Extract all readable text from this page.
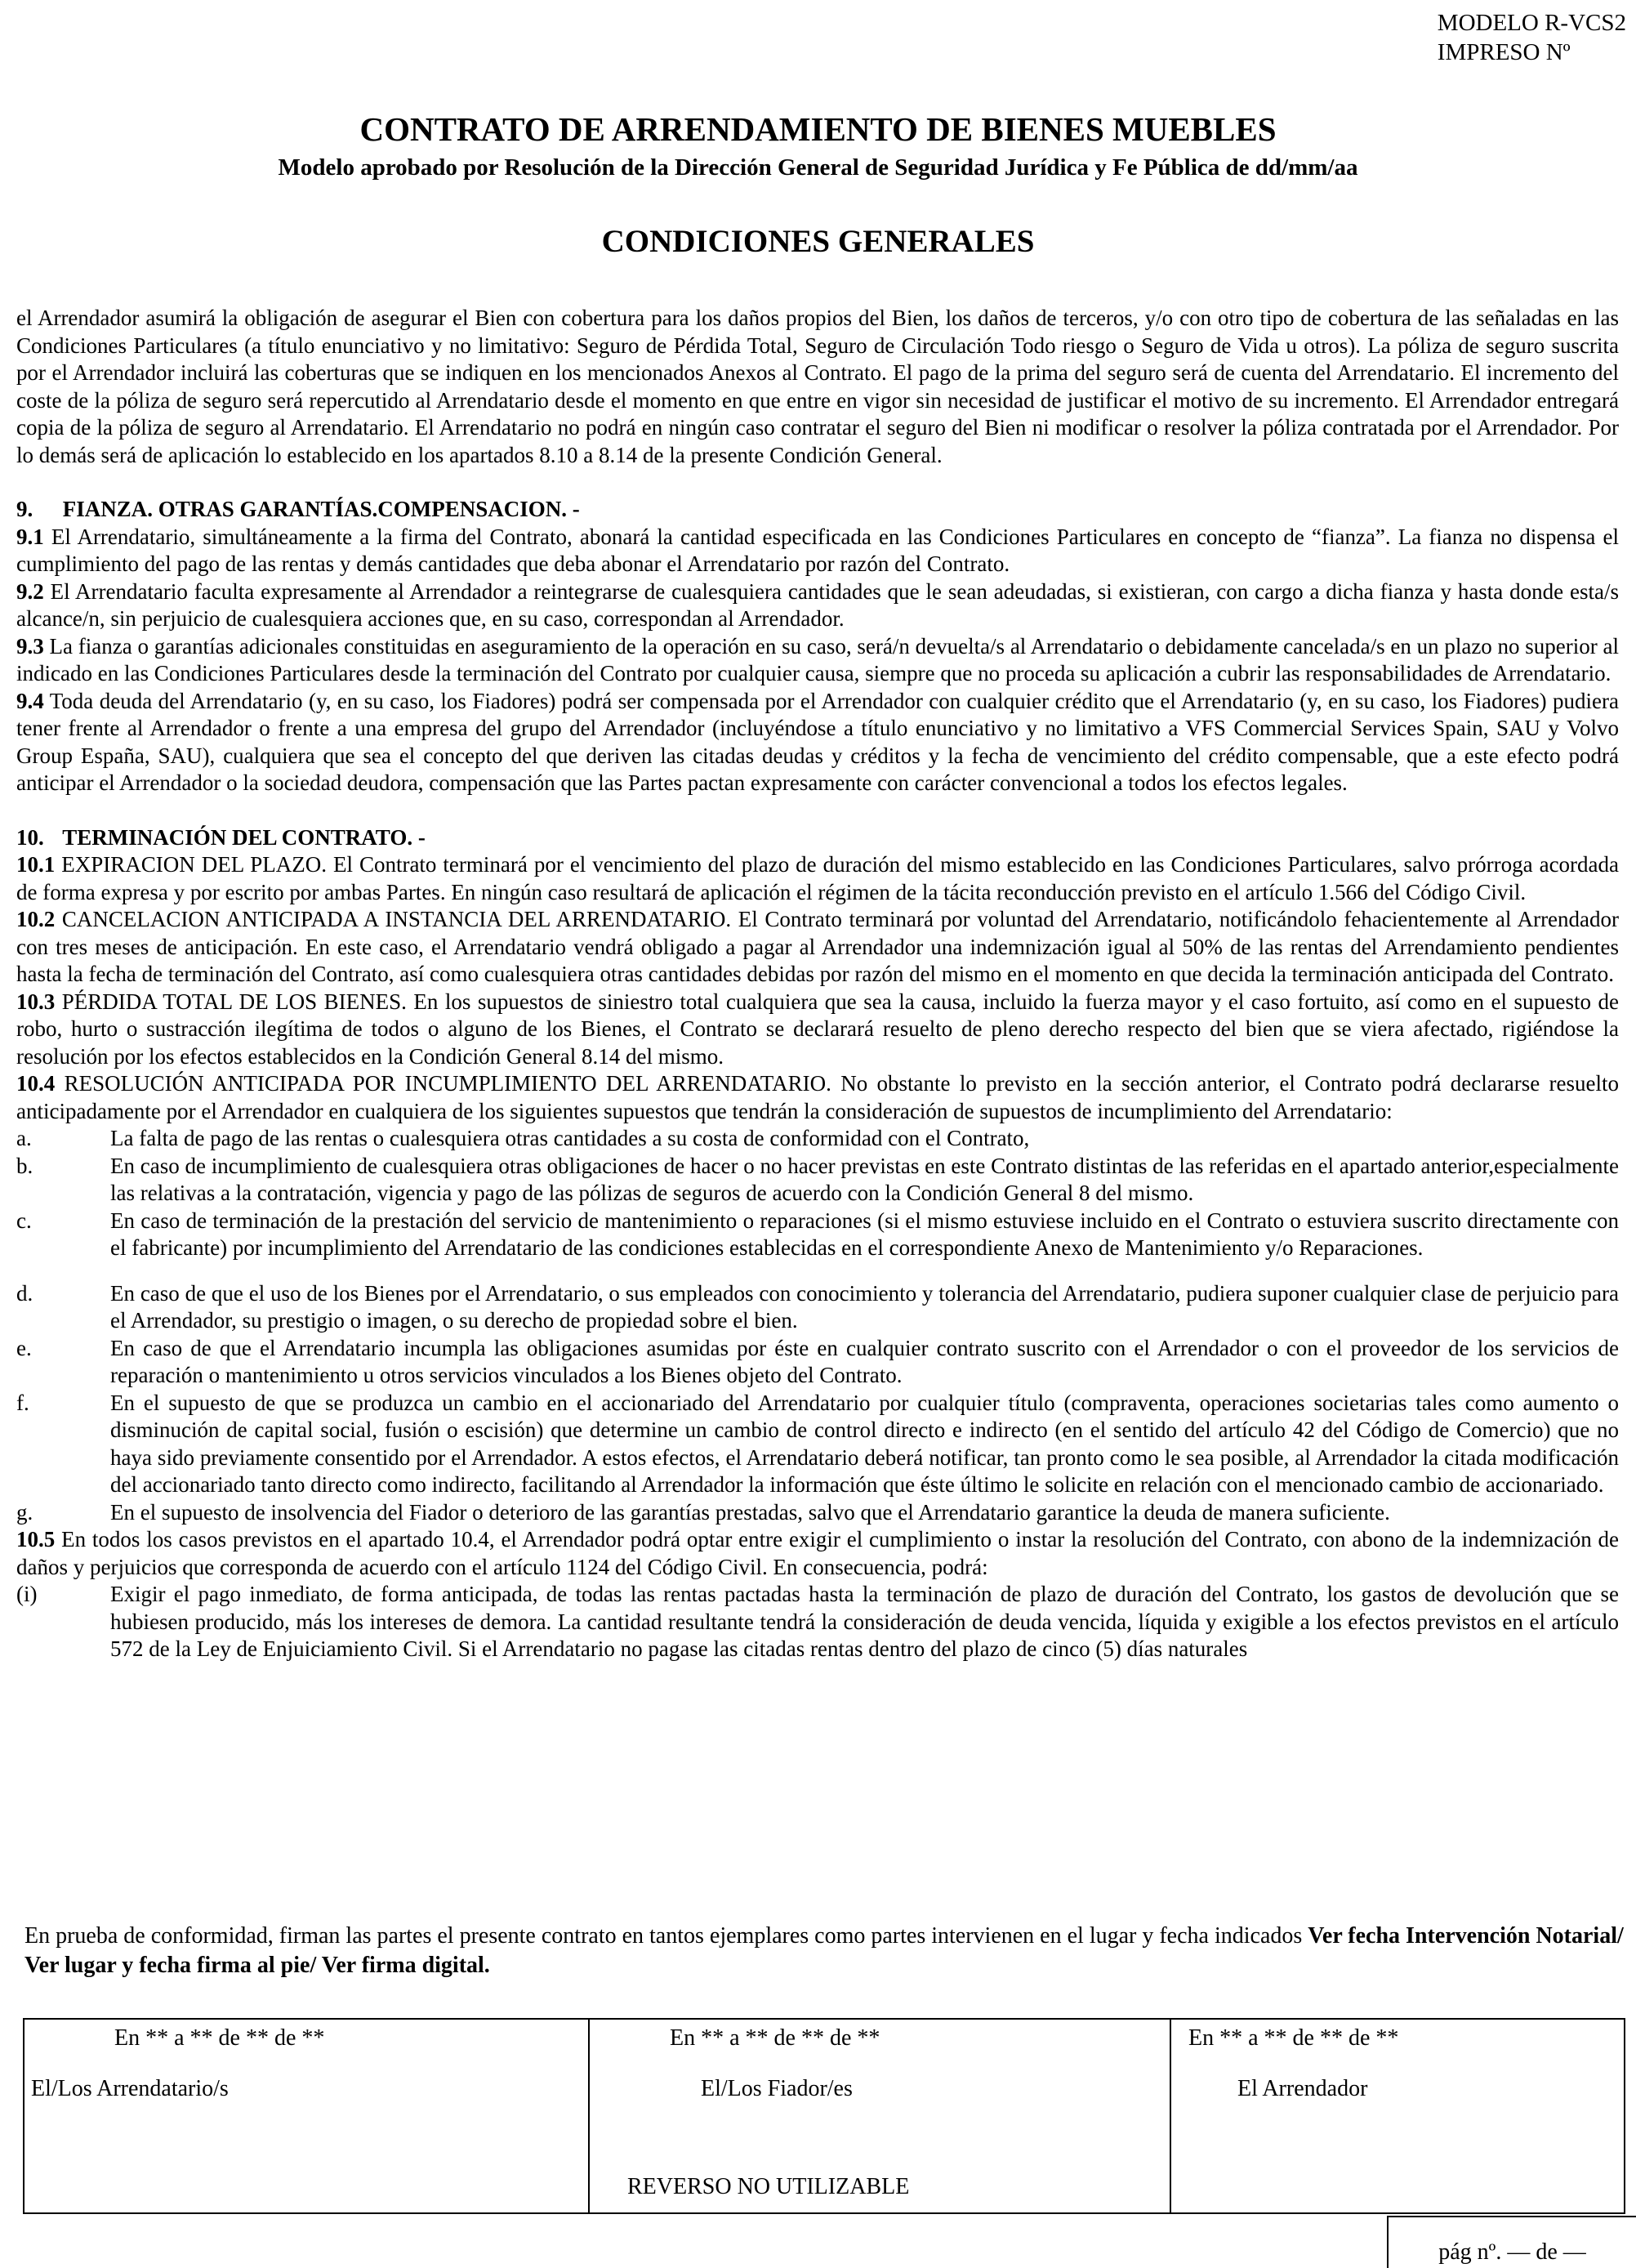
MODELO R-VCS2
IMPRESO Nº
CONTRATO DE ARRENDAMIENTO DE BIENES MUEBLES
Modelo aprobado por Resolución de la Dirección General de Seguridad Jurídica y Fe Pública de dd/mm/aa
CONDICIONES GENERALES

el Arrendador asumirá la obligación de asegurar el Bien con cobertura para los daños propios del Bien, los daños de terceros, y/o con otro tipo de cobertura de las señaladas en las Condiciones Particulares (a título enunciativo y no limitativo: Seguro de Pérdida Total, Seguro de Circulación Todo riesgo o Seguro de Vida u otros). La póliza de seguro suscrita por el Arrendador incluirá las coberturas que se indiquen en los mencionados Anexos al Contrato. El pago de la prima del seguro será de cuenta del Arrendatario. El incremento del coste de la póliza de seguro será repercutido al Arrendatario desde el momento en que entre en vigor sin necesidad de justificar el motivo de su incremento. El Arrendador entregará copia de la póliza de seguro al Arrendatario. El Arrendatario no podrá en ningún caso contratar el seguro del Bien ni modificar o resolver la póliza contratada por el Arrendador. Por lo demás será de aplicación lo establecido en los apartados 8.10 a 8.14 de la presente Condición General.

9. FIANZA. OTRAS GARANTÍAS.COMPENSACION. -

9.1 El Arrendatario, simultáneamente a la firma del Contrato, abonará la cantidad especificada en las Condiciones Particulares en concepto de “fianza”. La fianza no dispensa el cumplimiento del pago de las rentas y demás cantidades que deba abonar el Arrendatario por razón del Contrato.

9.2 El Arrendatario faculta expresamente al Arrendador a reintegrarse de cualesquiera cantidades que le sean adeudadas, si existieran, con cargo a dicha fianza y hasta donde esta/s alcance/n, sin perjuicio de cualesquiera acciones que, en su caso, correspondan al Arrendador.

9.3 La fianza o garantías adicionales constituidas en aseguramiento de la operación en su caso, será/n devuelta/s al Arrendatario o debidamente cancelada/s en un plazo no superior al indicado en las Condiciones Particulares desde la terminación del Contrato por cualquier causa, siempre que no proceda su aplicación a cubrir las responsabilidades de Arrendatario.

9.4 Toda deuda del Arrendatario (y, en su caso, los Fiadores) podrá ser compensada por el Arrendador con cualquier crédito que el Arrendatario (y, en su caso, los Fiadores) pudiera tener frente al Arrendador o frente a una empresa del grupo del Arrendador (incluyéndose a título enunciativo y no limitativo a VFS Commercial Services Spain, SAU y Volvo Group España, SAU), cualquiera que sea el concepto del que deriven las citadas deudas y créditos y la fecha de vencimiento del crédito compensable, que a este efecto podrá anticipar el Arrendador o la sociedad deudora, compensación que las Partes pactan expresamente con carácter convencional a todos los efectos legales.

10. TERMINACIÓN DEL CONTRATO. -

10.1 EXPIRACION DEL PLAZO. El Contrato terminará por el vencimiento del plazo de duración del mismo establecido en las Condiciones Particulares, salvo prórroga acordada de forma expresa y por escrito por ambas Partes. En ningún caso resultará de aplicación el régimen de la tácita reconducción previsto en el artículo 1.566 del Código Civil.

10.2 CANCELACION ANTICIPADA A INSTANCIA DEL ARRENDATARIO. El Contrato terminará por voluntad del Arrendatario, notificándolo fehacientemente al Arrendador con tres meses de anticipación. En este caso, el Arrendatario vendrá obligado a pagar al Arrendador una indemnización igual al 50% de las rentas del Arrendamiento pendientes hasta la fecha de terminación del Contrato, así como cualesquiera otras cantidades debidas por razón del mismo en el momento en que decida la terminación anticipada del Contrato.

10.3 PÉRDIDA TOTAL DE LOS BIENES. En los supuestos de siniestro total cualquiera que sea la causa, incluido la fuerza mayor y el caso fortuito, así como en el supuesto de robo, hurto o sustracción ilegítima de todos o alguno de los Bienes, el Contrato se declarará resuelto de pleno derecho respecto del bien que se viera afectado, rigiéndose la resolución por los efectos establecidos en la Condición General 8.14 del mismo.

10.4 RESOLUCIÓN ANTICIPADA POR INCUMPLIMIENTO DEL ARRENDATARIO. No obstante lo previsto en la sección anterior, el Contrato podrá declararse resuelto anticipadamente por el Arrendador en cualquiera de los siguientes supuestos que tendrán la consideración de supuestos de incumplimiento del Arrendatario:

a.	La falta de pago de las rentas o cualesquiera otras cantidades a su costa de conformidad con el Contrato,
b.	En caso de incumplimiento de cualesquiera otras obligaciones de hacer o no hacer previstas en este Contrato distintas de las referidas en el apartado anterior,especialmente las relativas a la contratación, vigencia y pago de las pólizas de seguros de acuerdo con la Condición General 8 del mismo.
c.	En caso de terminación de la prestación del servicio de mantenimiento o reparaciones (si el mismo estuviese incluido en el Contrato o estuviera suscrito directamente con el fabricante) por incumplimiento del Arrendatario de las condiciones establecidas en el correspondiente Anexo de Mantenimiento y/o Reparaciones.
d.	En caso de que el uso de los Bienes por el Arrendatario, o sus empleados con conocimiento y tolerancia del Arrendatario, pudiera suponer cualquier clase de perjuicio para el Arrendador, su prestigio o imagen, o su derecho de propiedad sobre el bien.
e.	En caso de que el Arrendatario incumpla las obligaciones asumidas por éste en cualquier contrato suscrito con el Arrendador o con el proveedor de los servicios de reparación o mantenimiento u otros servicios vinculados a los Bienes objeto del Contrato.
f.	En el supuesto de que se produzca un cambio en el accionariado del Arrendatario por cualquier título (compraventa, operaciones societarias tales como aumento o disminución de capital social, fusión o escisión) que determine un cambio de control directo e indirecto (en el sentido del artículo 42 del Código de Comercio) que no haya sido previamente consentido por el Arrendador. A estos efectos, el Arrendatario deberá notificar, tan pronto como le sea posible, al Arrendador la citada modificación del accionariado tanto directo como indirecto, facilitando al Arrendador la información que éste último le solicite en relación con el mencionado cambio de accionariado.
g.	En el supuesto de insolvencia del Fiador o deterioro de las garantías prestadas, salvo que el Arrendatario garantice la deuda de manera suficiente.

10.5 En todos los casos previstos en el apartado 10.4, el Arrendador podrá optar entre exigir el cumplimiento o instar la resolución del Contrato, con abono de la indemnización de daños y perjuicios que corresponda de acuerdo con el artículo 1124 del Código Civil. En consecuencia, podrá:

(i)	Exigir el pago inmediato, de forma anticipada, de todas las rentas pactadas hasta la terminación de plazo de duración del Contrato, los gastos de devolución que se hubiesen producido, más los intereses de demora. La cantidad resultante tendrá la consideración de deuda vencida, líquida y exigible a los efectos previstos en el artículo 572 de la Ley de Enjuiciamiento Civil. Si el Arrendatario no pagase las citadas rentas dentro del plazo de cinco (5) días naturales
En prueba de conformidad, firman las partes el presente contrato en tantos ejemplares como partes intervienen en el lugar y fecha indicados Ver fecha Intervención Notarial/ Ver lugar y fecha firma al pie/ Ver firma digital.
En ** a ** de ** de **	En ** a ** de ** de **	En ** a ** de ** de **
El/Los Arrendatario/s	El/Los Fiador/es	El Arrendador
REVERSO NO UTILIZABLE
pág nº. — de —
